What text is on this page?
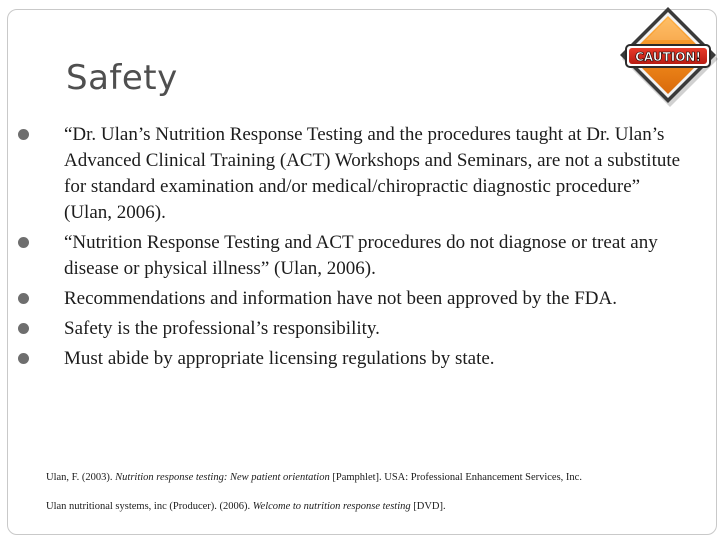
Safety
CAUTION!
“Dr. Ulan’s Nutrition Response Testing and the procedures taught at Dr. Ulan’s Advanced Clinical Training (ACT) Workshops and Seminars, are not a substitute for standard examination and/or medical/chiropractic diagnostic procedure” (Ulan, 2006).
“Nutrition Response Testing and ACT procedures do not diagnose or treat any disease or physical illness” (Ulan, 2006).
Recommendations and information have not been approved by the FDA.
Safety is the professional’s responsibility.
Must abide by appropriate licensing regulations by state.
Ulan, F. (2003). Nutrition response testing: New patient orientation [Pamphlet]. USA: Professional Enhancement Services, Inc.
Ulan nutritional systems, inc (Producer). (2006). Welcome to nutrition response testing [DVD].
